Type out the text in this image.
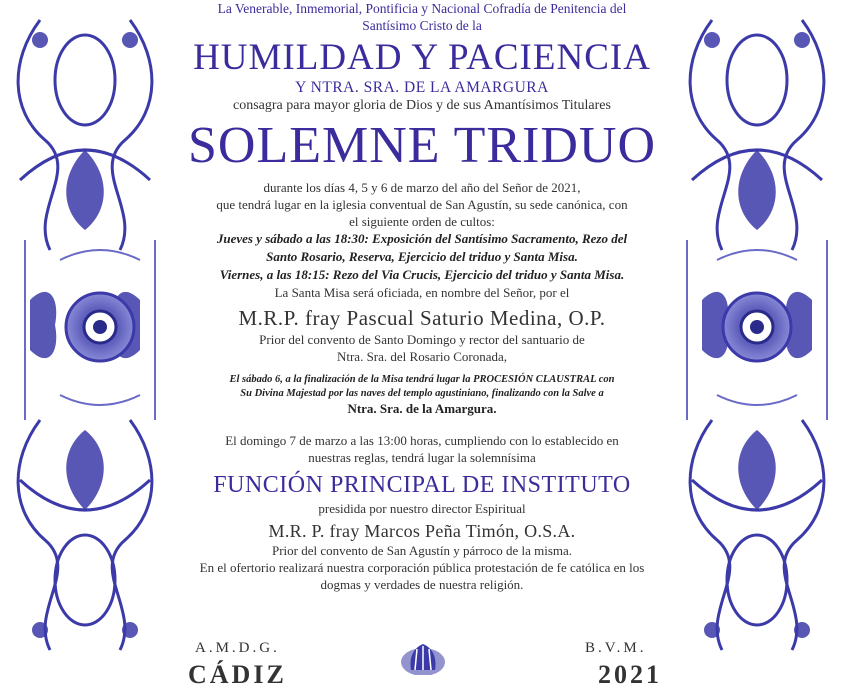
La Venerable, Inmemorial, Pontificia y Nacional Cofradía de Penitencia del

Santísimo Cristo de la

HUMILDAD Y PACIENCIA

Y NTRA. SRA. DE LA AMARGURA

consagra para mayor gloria de Dios y de sus Amantísimos Titulares

SOLEMNE TRIDUO

durante los días 4, 5 y 6 de marzo del año del Señor de 2021,

que tendrá lugar en la iglesia conventual de San Agustín, su sede canónica, con

el siguiente orden de cultos:

Jueves y sábado a las 18:30: Exposición del Santísimo Sacramento, Rezo del

Santo Rosario, Reserva, Ejercicio del triduo y Santa Misa.

Viernes, a las 18:15: Rezo del Via Crucis, Ejercicio del triduo y Santa Misa.

La Santa Misa será oficiada, en nombre del Señor, por el

M.R.P. fray Pascual Saturio Medina, O.P.

Prior del convento de Santo Domingo y rector del santuario de

Ntra. Sra. del Rosario Coronada,

El sábado 6, a la finalización de la Misa tendrá lugar la PROCESIÓN CLAUSTRAL con

Su Divina Majestad por las naves del templo agustiniano, finalizando con la Salve a

Ntra. Sra. de la Amargura.

El domingo 7 de marzo a las 13:00 horas, cumpliendo con lo establecido en

nuestras reglas, tendrá lugar la solemnísima

FUNCIÓN PRINCIPAL DE INSTITUTO

presidida por nuestro director Espiritual

M.R. P. fray Marcos Peña Timón, O.S.A.

Prior del convento de San Agustín y párroco de la misma.

En el ofertorio realizará nuestra corporación pública protestación de fe católica en los

dogmas y verdades de nuestra religión.

A.M.D.G.	B.V.M.
CÁDIZ	2021
